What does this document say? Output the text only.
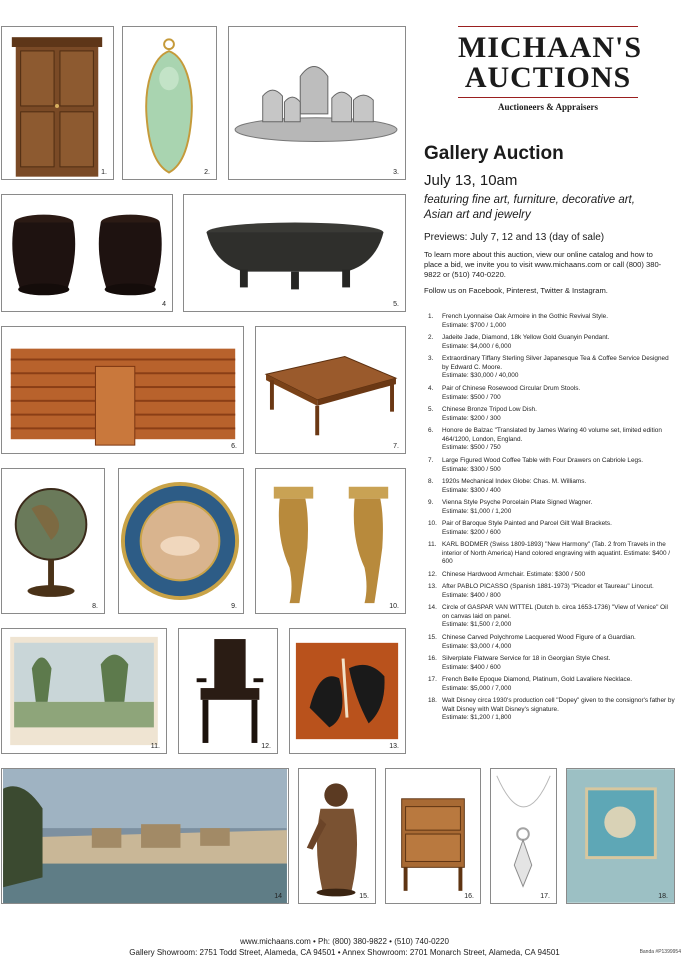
1.	2.	3.
MICHAAN'S
AUCTIONS
Auctioneers & Appraisers
Gallery Auction
July 13, 10am
featuring fine art, furniture, decorative art, Asian art and jewelry
Previews: July 7, 12 and 13 (day of sale)
To learn more about this auction, view our online catalog and how to place a bid, we invite you to visit www.michaans.com or call (800) 380-9822 or (510) 740-0220.
Follow us on Facebook, Pinterest, Twitter & Instagram.
4	5.
6.	7.
8.	9.	10.
11.	12.	13.
14	15.	16.	17.	18.
1.	French Lyonnaise Oak Armoire in the Gothic Revival Style.
Estimate: $700 / 1,000
2.	Jadeite Jade, Diamond, 18k Yellow Gold Guanyin Pendant.
Estimate: $4,000 / 6,000
3.	Extraordinary Tiffany Sterling Silver Japanesque Tea & Coffee Service Designed by Edward C. Moore.
Estimate: $30,000 / 40,000
4.	Pair of Chinese Rosewood Circular Drum Stools.
Estimate: $500 / 700
5.	Chinese Bronze Tripod Low Dish.
Estimate: $200 / 300
6.	Honore de Balzac "Translated by James Waring 40 volume set, limited edition 464/1200, London, England.
Estimate: $500 / 750
7.	Large Figured Wood Coffee Table with Four Drawers on Cabriole Legs.
Estimate: $300 / 500
8.	1920s Mechanical Index Globe: Chas. M. Williams.
Estimate: $300 / 400
9.	Vienna Style Psyche Porcelain Plate Signed Wagner.
Estimate: $1,000 / 1,200
10. Pair of Baroque Style Painted and Parcel Gilt Wall Brackets.
Estimate: $200 / 600
11. KARL BODMER (Swiss 1809-1893) "New Harmony" (Tab. 2 from Travels in the interior of North America) Hand colored engraving with aquatint. Estimate: $400 / 600
12. Chinese Hardwood Armchair. Estimate: $300 / 500
13. After PABLO PICASSO (Spanish 1881-1973) "Picador et Taureau" Linocut.
Estimate: $400 / 800
14. Circle of GASPAR VAN WITTEL (Dutch b. circa 1653-1736) "View of Venice" Oil on canvas laid on panel.
Estimate: $1,500 / 2,000
15. Chinese Carved Polychrome Lacquered Wood Figure of a Guardian.
Estimate: $3,000 / 4,000
16. Silverplate Flatware Service for 18 in Georgian Style Chest.
Estimate: $400 / 600
17. French Belle Epoque Diamond, Platinum, Gold Lavaliere Necklace.
Estimate: $5,000 / 7,000
18. Walt Disney circa 1930's production cell "Dopey" given to the consignor's father by Walt Disney with Walt Disney's signature.
Estimate: $1,200 / 1,800
www.michaans.com • Ph: (800) 380-9822 • (510) 740-0220
Gallery Showroom: 2751 Todd Street, Alameda, CA 94501 • Annex Showroom: 2701 Monarch Street, Alameda, CA 94501	Banda #P1399954
